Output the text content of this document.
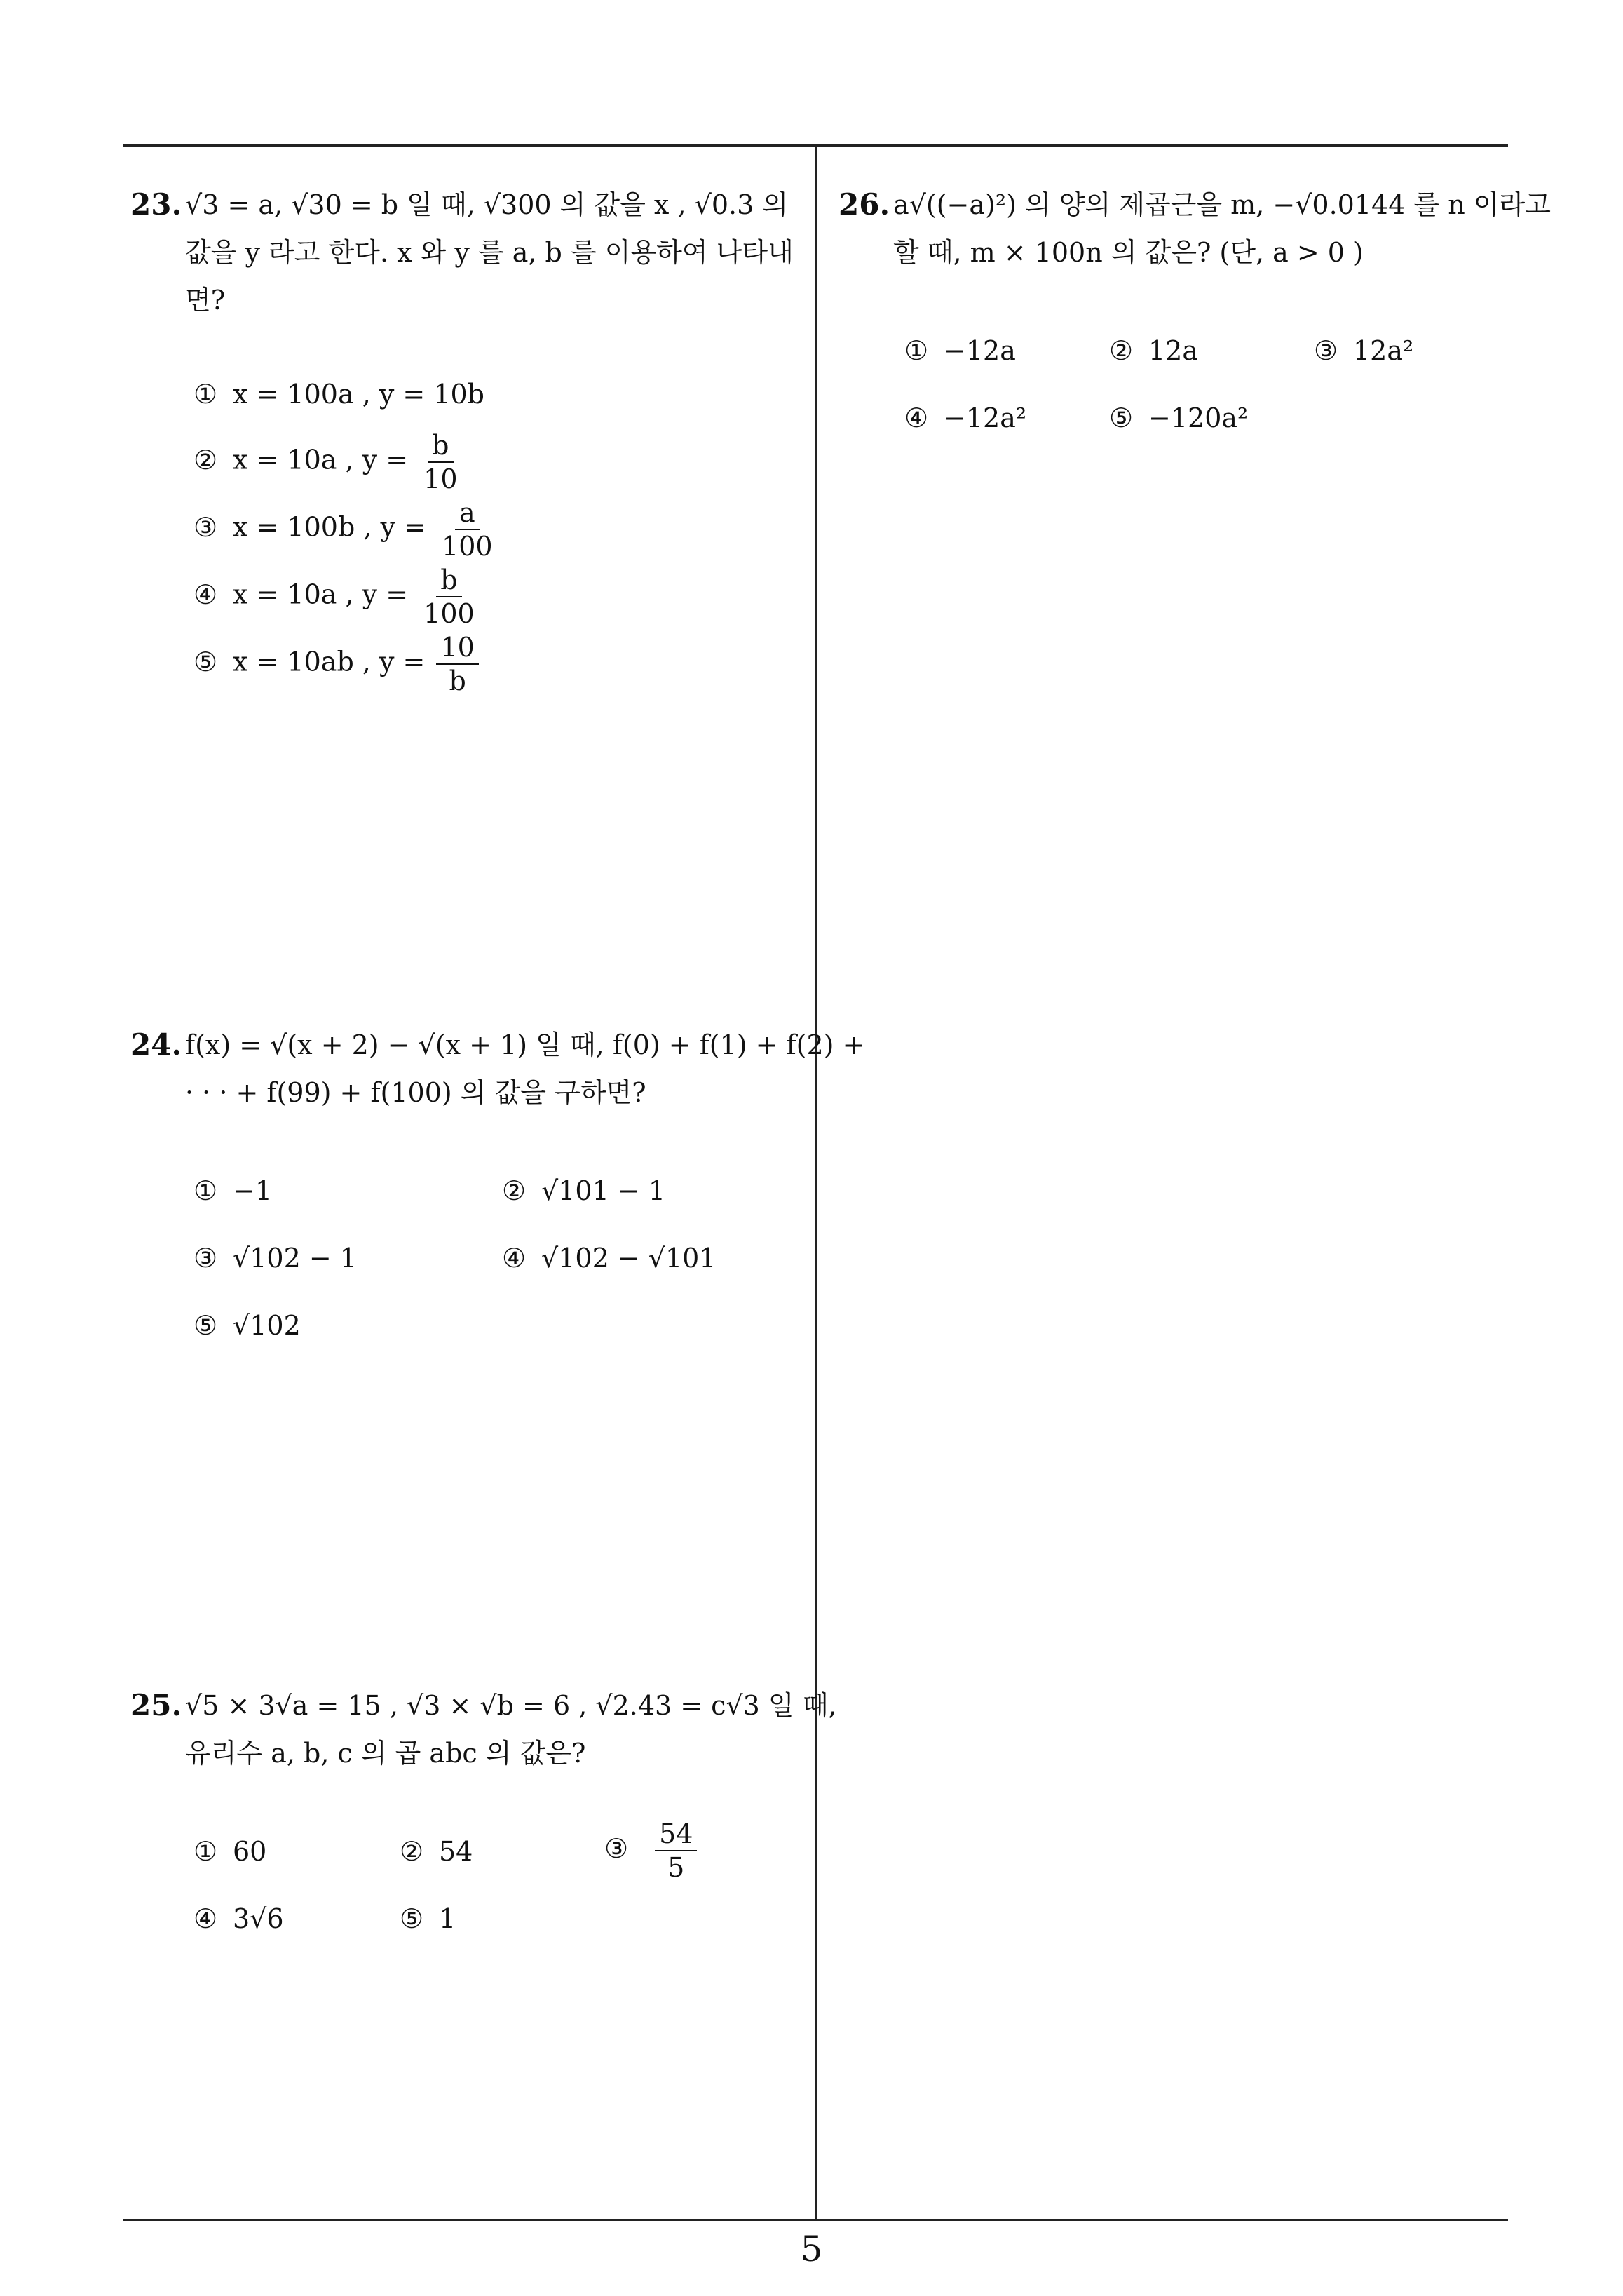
23. √3 = a, √30 = b 일 때, √300 의 값을 x , √0.3 의
값을 y 라고 한다. x 와 y 를 a, b 를 이용하여 나타내
면?
① x = 100a , y = 10b
② x = 10a , $y = \frac{b}{10}$
③ x = 100b , $y = \frac{a}{100}$
④ x = 10a , $y = \frac{b}{100}$
⑤ x = 10ab , $y = \frac{10}{b}$
24. f(x) = √(x + 2) − √(x + 1) 일 때, f(0) + f(1) + f(2) +
· · · + f(99) + f(100) 의 값을 구하면?
① −1	② √101 − 1
③ √102 − 1	④ √102 − √101
⑤ √102
25. √5 × 3√a = 15 , √3 × √b = 6 , √2.43 = c√3 일 때,
유리수 a, b, c 의 곱 abc 의 값은?
① 60	② 54	③ $\frac{54}{5}$
④ 3√6	⑤ 1
26. a√((−a)²) 의 양의 제곱근을 m, −√0.0144 를 n 이라고
할 때, m × 100n 의 값은? (단, a > 0 )
① −12a	② 12a	③ 12a²
④ −12a²	⑤ −120a²
5
